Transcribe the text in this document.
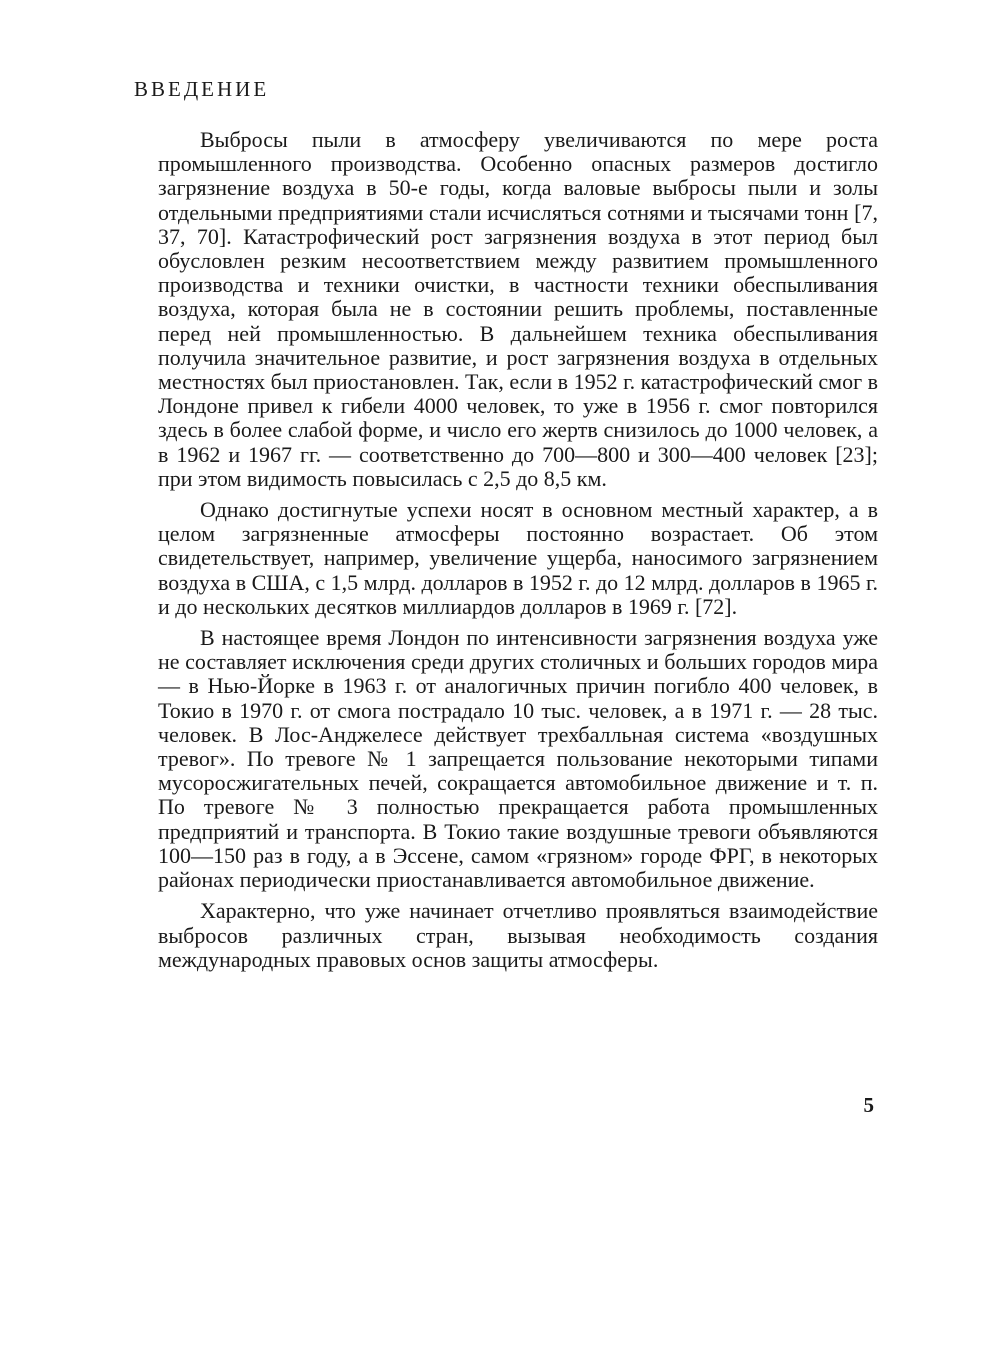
ВВЕДЕНИЕ

Выбросы пыли в атмосферу увеличиваются по мере роста промышленного производства. Особенно опасных размеров достигло загрязнение воздуха в 50-е годы, когда валовые выбросы пыли и золы отдельными предприятиями стали исчисляться сотнями и тысячами тонн [7, 37, 70]. Катастрофический рост загрязнения воздуха в этот период был обусловлен резким несоответствием между развитием промышленного производства и техники очистки, в частности техники обеспыливания воздуха, которая была не в состоянии решить проблемы, поставленные перед ней промышленностью. В дальнейшем техника обеспыливания получила значительное развитие, и рост загрязнения воздуха в отдельных местностях был приостановлен. Так, если в 1952 г. катастрофический смог в Лондоне привел к гибели 4000 человек, то уже в 1956 г. смог повторился здесь в более слабой форме, и число его жертв снизилось до 1000 человек, а в 1962 и 1967 гг. — соответственно до 700—800 и 300—400 человек [23]; при этом видимость повысилась с 2,5 до 8,5 км.

Однако достигнутые успехи носят в основном местный характер, а в целом загрязненные атмосферы постоянно возрастает. Об этом свидетельствует, например, увеличение ущерба, наносимого загрязнением воздуха в США, с 1,5 млрд. долларов в 1952 г. до 12 млрд. долларов в 1965 г. и до нескольких десятков миллиардов долларов в 1969 г. [72].

В настоящее время Лондон по интенсивности загрязнения воздуха уже не составляет исключения среди других столичных и больших городов мира — в Нью-Йорке в 1963 г. от аналогичных причин погибло 400 человек, в Токио в 1970 г. от смога пострадало 10 тыс. человек, а в 1971 г. — 28 тыс. человек. В Лос-Анджелесе действует трехбалльная система «воздушных тревог». По тревоге № 1 запрещается пользование некоторыми типами мусоросжигательных печей, сокращается автомобильное движение и т. п. По тревоге № 3 полностью прекращается работа промышленных предприятий и транспорта. В Токио такие воздушные тревоги объявляются 100—150 раз в году, а в Эссене, самом «грязном» городе ФРГ, в некоторых районах периодически приостанавливается автомобильное движение.

Характерно, что уже начинает отчетливо проявляться взаимодействие выбросов различных стран, вызывая необходимость создания международных правовых основ защиты атмосферы.

5
